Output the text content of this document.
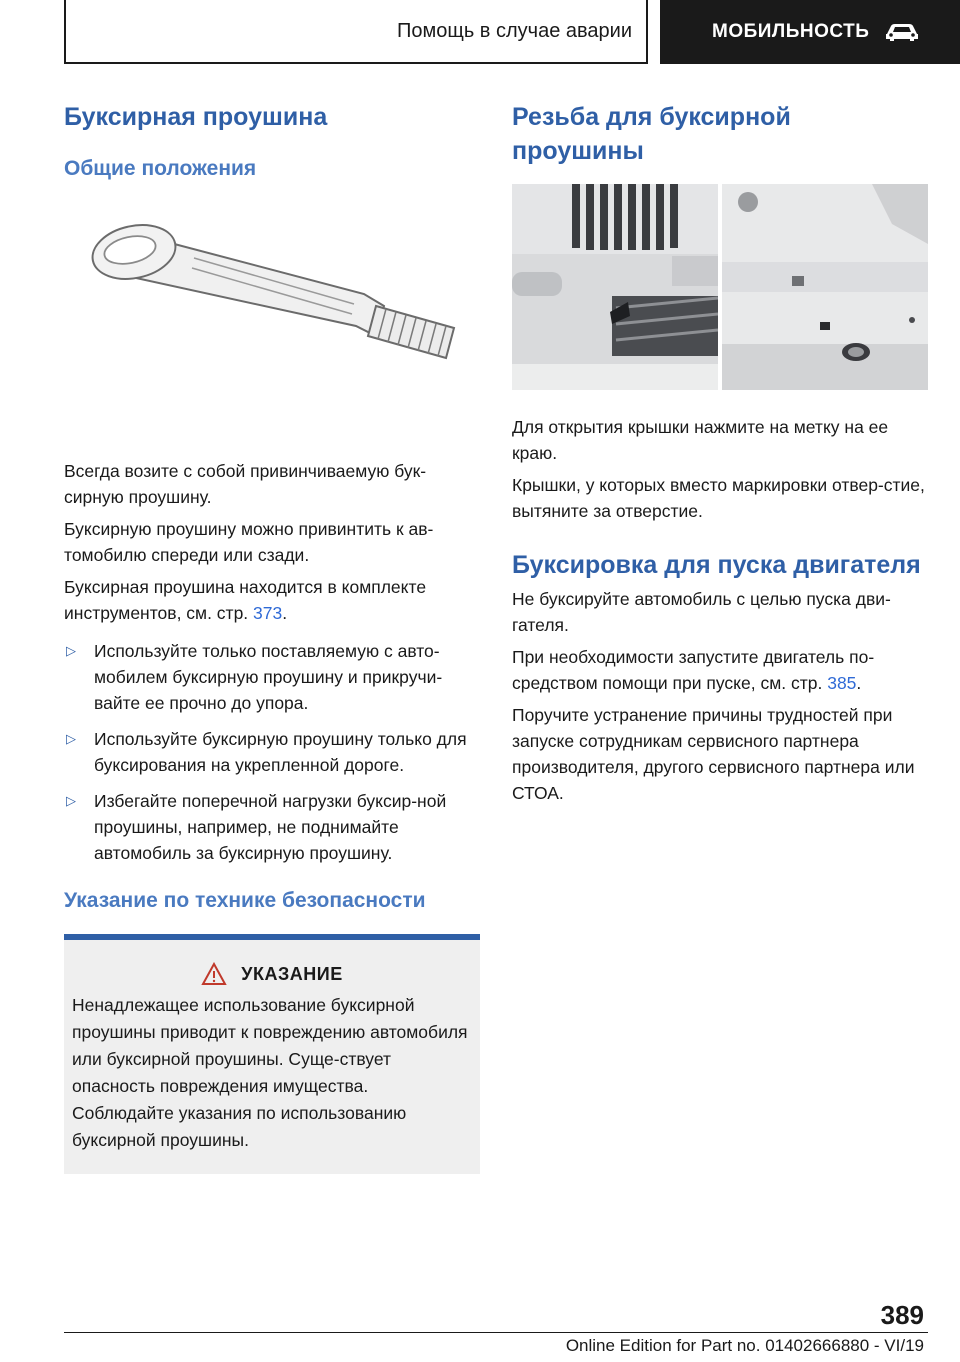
Помощь в случае аварии	МОБИЛЬНОСТЬ
Буксирная проушина
Общие положения

Всегда возите с собой привинчиваемую бук-сирную проушину.

Буксирную проушину можно привинтить к ав-томобилю спереди или сзади.

Буксирная проушина находится в комплекте инструментов, см. стр. 373.

▷ Используйте только поставляемую с авто-мобилем буксирную проушину и прикручи-вайте ее прочно до упора.
▷ Используйте буксирную проушину только для буксирования на укрепленной дороге.
▷ Избегайте поперечной нагрузки буксир-ной проушины, например, не поднимайте автомобиль за буксирную проушину.
Указание по технике безопасности
УКАЗАНИЕ
Ненадлежащее использование буксирной проушины приводит к повреждению автомобиля или буксирной проушины. Суще-ствует опасность повреждения имущества. Соблюдайте указания по использованию буксирной проушины.
Резьба для буксирной проушины

Для открытия крышки нажмите на метку на ее краю.

Крышки, у которых вместо маркировки отвер-стие, вытяните за отверстие.

Буксировка для пуска двигателя

Не буксируйте автомобиль с целью пуска дви-гателя.

При необходимости запустите двигатель по-средством помощи при пуске, см. стр. 385.

Поручите устранение причины трудностей при запуске сотрудникам сервисного партнера производителя, другого сервисного партнера или СТОА.

389
Online Edition for Part no. 01402666880 - VI/19
